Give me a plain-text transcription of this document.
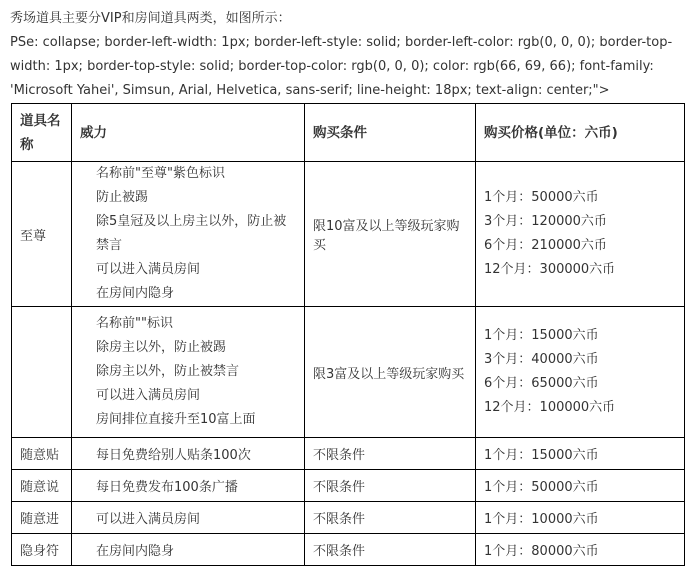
秀场道具主要分VIP和房间道具两类，如图所示：
PSe: collapse; border-left-width: 1px; border-left-style: solid; border-left-color: rgb(0, 0, 0); border-top-width: 1px; border-top-style: solid; border-top-color: rgb(0, 0, 0); color: rgb(66, 69, 66); font-family: 'Microsoft Yahei', Simsun, Arial, Helvetica, sans-serif; line-height: 18px; text-align: center;">
道具名称	威力	购买条件	购买价格(单位：六币)
至尊	名称前"至尊"紫色标识
防止被踢
除5皇冠及以上房主以外，防止被禁言
可以进入满员房间
在房间内隐身	限10富及以上等级玩家购买	1个月：50000六币
3个月：120000六币
6个月：210000六币
12个月：300000六币

	名称前""标识
除房主以外，防止被踢
除房主以外，防止被禁言
可以进入满员房间
房间排位直接升至10富上面	限3富及以上等级玩家购买	1个月：15000六币
3个月：40000六币
6个月：65000六币
12个月：100000六币

随意贴	每日免费给别人贴条100次	不限条件	1个月：15000六币
随意说	每日免费发布100条广播	不限条件	1个月：50000六币
随意进	可以进入满员房间	不限条件	1个月：10000六币
隐身符	在房间内隐身	不限条件	1个月：80000六币
